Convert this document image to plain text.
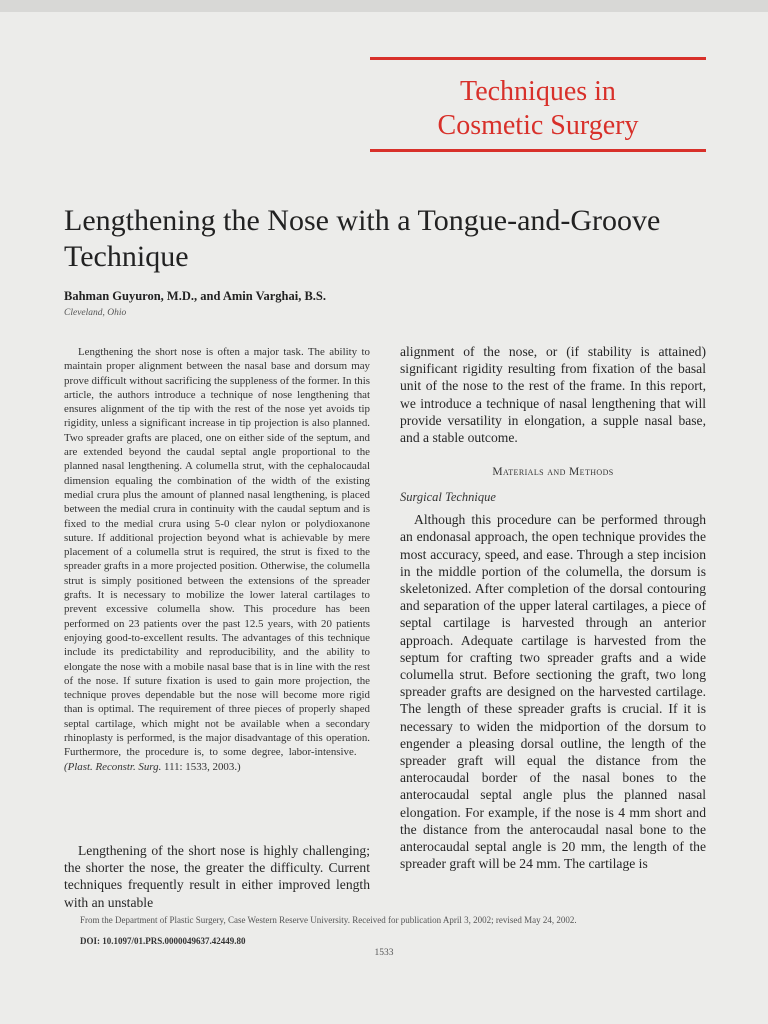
Techniques in
Cosmetic Surgery
Lengthening the Nose with a Tongue-and-Groove Technique
Bahman Guyuron, M.D., and Amin Varghai, B.S.
Cleveland, Ohio

Lengthening the short nose is often a major task. The ability to maintain proper alignment between the nasal base and dorsum may prove difficult without sacrificing the suppleness of the former. In this article, the authors introduce a technique of nose lengthening that ensures alignment of the tip with the rest of the nose yet avoids tip rigidity, unless a significant increase in tip projection is also planned. Two spreader grafts are placed, one on either side of the septum, and are extended beyond the caudal septal angle proportional to the planned nasal lengthening. A columella strut, with the cephalocaudal dimension equaling the combination of the width of the existing medial crura plus the amount of planned nasal lengthening, is placed between the medial crura in continuity with the caudal septum and is fixed to the medial crura using 5-0 clear nylon or polydioxanone suture. If additional projection beyond what is achievable by mere placement of a columella strut is required, the strut is fixed to the spreader grafts in a more projected position. Otherwise, the columella strut is simply positioned between the extensions of the spreader grafts. It is necessary to mobilize the lower lateral cartilages to prevent excessive columella show. This procedure has been performed on 23 patients over the past 12.5 years, with 20 patients enjoying good-to-excellent results. The advantages of this technique include its predictability and reproducibility, and the ability to elongate the nose with a mobile nasal base that is in line with the rest of the nose. If suture fixation is used to gain more projection, the technique proves dependable but the nose will become more rigid than is optimal. The requirement of three pieces of properly shaped septal cartilage, which might not be available when a secondary rhinoplasty is performed, is the major disadvantage of this operation. Furthermore, the procedure is, to some degree, labor-intensive.    (Plast. Reconstr. Surg. 111: 1533, 2003.)

Lengthening of the short nose is highly challenging; the shorter the nose, the greater the difficulty. Current techniques frequently result in either improved length with an unstable

alignment of the nose, or (if stability is attained) significant rigidity resulting from fixation of the basal unit of the nose to the rest of the frame. In this report, we introduce a technique of nasal lengthening that will provide versatility in elongation, a supple nasal base, and a stable outcome.

Materials and Methods
Surgical Technique

Although this procedure can be performed through an endonasal approach, the open technique provides the most accuracy, speed, and ease. Through a step incision in the middle portion of the columella, the dorsum is skeletonized. After completion of the dorsal contouring and separation of the upper lateral cartilages, a piece of septal cartilage is harvested through an anterior approach. Adequate cartilage is harvested from the septum for crafting two spreader grafts and a wide columella strut. Before sectioning the graft, two long spreader grafts are designed on the harvested cartilage. The length of these spreader grafts is crucial. If it is necessary to widen the midportion of the dorsum to engender a pleasing dorsal outline, the length of the spreader graft will equal the distance from the anterocaudal border of the nasal bones to the anterocaudal septal angle plus the planned nasal elongation. For example, if the nose is 4 mm short and the distance from the anterocaudal nasal bone to the anterocaudal septal angle is 20 mm, the length of the spreader graft will be 24 mm. The cartilage is

From the Department of Plastic Surgery, Case Western Reserve University. Received for publication April 3, 2002; revised May 24, 2002.
DOI: 10.1097/01.PRS.0000049637.42449.80
1533
